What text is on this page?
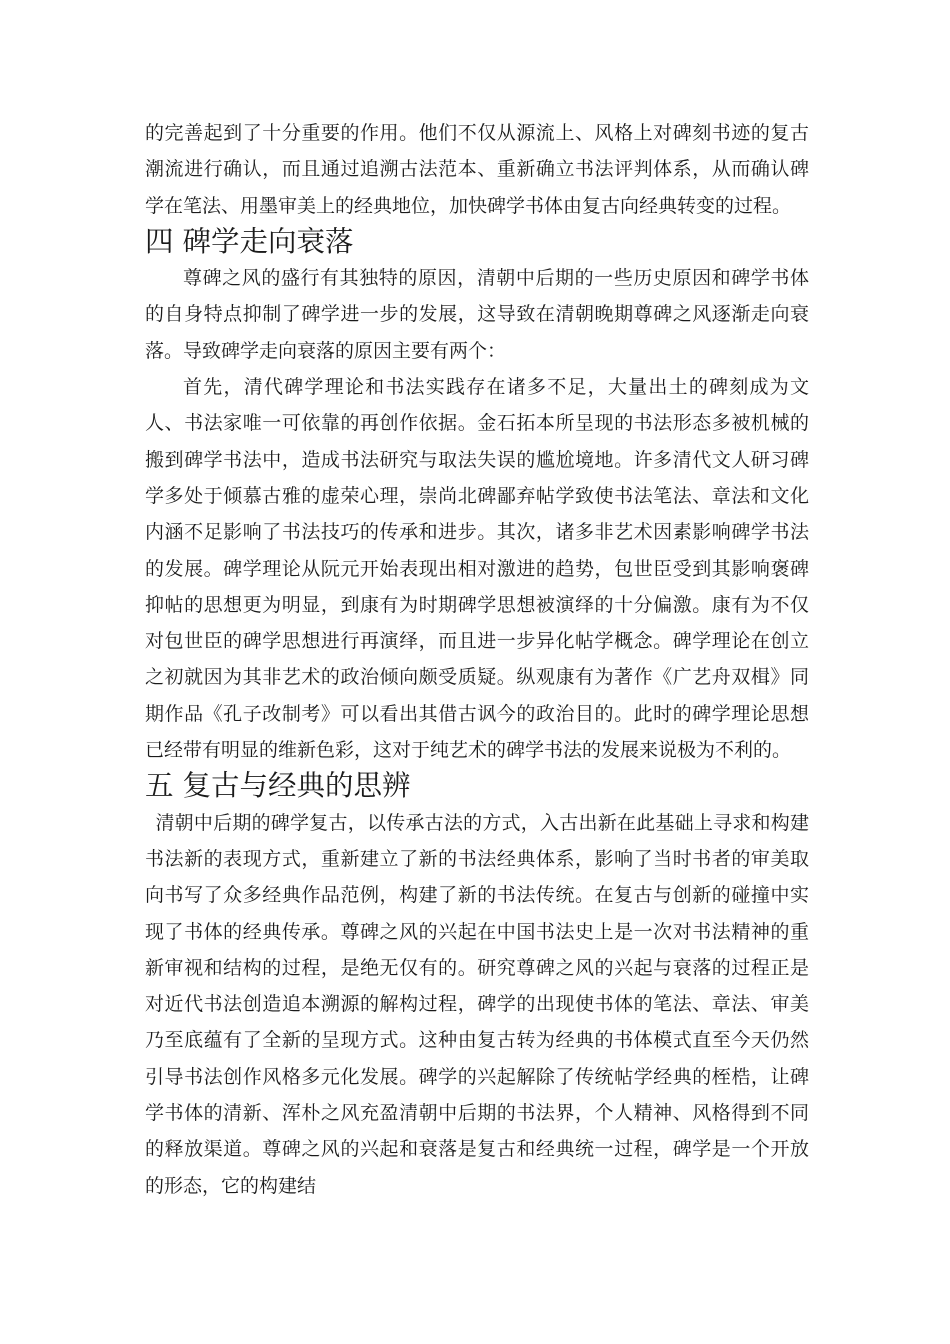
的完善起到了十分重要的作用。他们不仅从源流上、风格上对碑刻书迹的复古潮流进行确认，而且通过追溯古法范本、重新确立书法评判体系，从而确认碑学在笔法、用墨审美上的经典地位，加快碑学书体由复古向经典转变的过程。

四 碑学走向衰落

尊碑之风的盛行有其独特的原因，清朝中后期的一些历史原因和碑学书体的自身特点抑制了碑学进一步的发展，这导致在清朝晚期尊碑之风逐渐走向衰落。导致碑学走向衰落的原因主要有两个：

首先，清代碑学理论和书法实践存在诸多不足，大量出土的碑刻成为文人、书法家唯一可依靠的再创作依据。金石拓本所呈现的书法形态多被机械的搬到碑学书法中，造成书法研究与取法失误的尴尬境地。许多清代文人研习碑学多处于倾慕古雅的虚荣心理，崇尚北碑鄙弃帖学致使书法笔法、章法和文化内涵不足影响了书法技巧的传承和进步。其次，诸多非艺术因素影响碑学书法的发展。碑学理论从阮元开始表现出相对激进的趋势，包世臣受到其影响褒碑抑帖的思想更为明显，到康有为时期碑学思想被演绎的十分偏激。康有为不仅对包世臣的碑学思想进行再演绎，而且进一步异化帖学概念。碑学理论在创立之初就因为其非艺术的政治倾向颇受质疑。纵观康有为著作《广艺舟双楫》同期作品《孔子改制考》可以看出其借古讽今的政治目的。此时的碑学理论思想已经带有明显的维新色彩，这对于纯艺术的碑学书法的发展来说极为不利的。

五 复古与经典的思辨

清朝中后期的碑学复古，以传承古法的方式，入古出新在此基础上寻求和构建书法新的表现方式，重新建立了新的书法经典体系，影响了当时书者的审美取向书写了众多经典作品范例，构建了新的书法传统。在复古与创新的碰撞中实现了书体的经典传承。尊碑之风的兴起在中国书法史上是一次对书法精神的重新审视和结构的过程，是绝无仅有的。研究尊碑之风的兴起与衰落的过程正是对近代书法创造追本溯源的解构过程，碑学的出现使书体的笔法、章法、审美乃至底蕴有了全新的呈现方式。这种由复古转为经典的书体模式直至今天仍然引导书法创作风格多元化发展。碑学的兴起解除了传统帖学经典的桎梏，让碑学书体的清新、浑朴之风充盈清朝中后期的书法界，个人精神、风格得到不同的释放渠道。尊碑之风的兴起和衰落是复古和经典统一过程，碑学是一个开放的形态，它的构建结
